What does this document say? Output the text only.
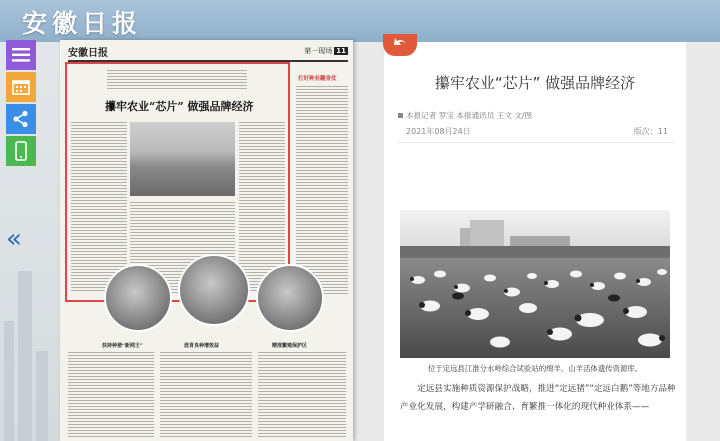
安徽日报
«
安徽日报	第一现场 11
攥牢农业“芯片” 做强品牌经济
打好种业翻身仗
扶持种猪“新网王”	选育良种增效益	精准繁殖保护区
攥牢农业“芯片” 做强品牌经济
本报记者 罗宝 本报通讯员 王文 文/图
2021年08月24日	版次：11
位于定远县江淮分水岭综合试验站的绵羊、山羊活体遗传资源库。
定远县实施种质资源保护战略，推进“定远猪”“定远白鹅”等地方品种产业化发展，构建产学研融合、育繁推一体化的现代种业体系——
